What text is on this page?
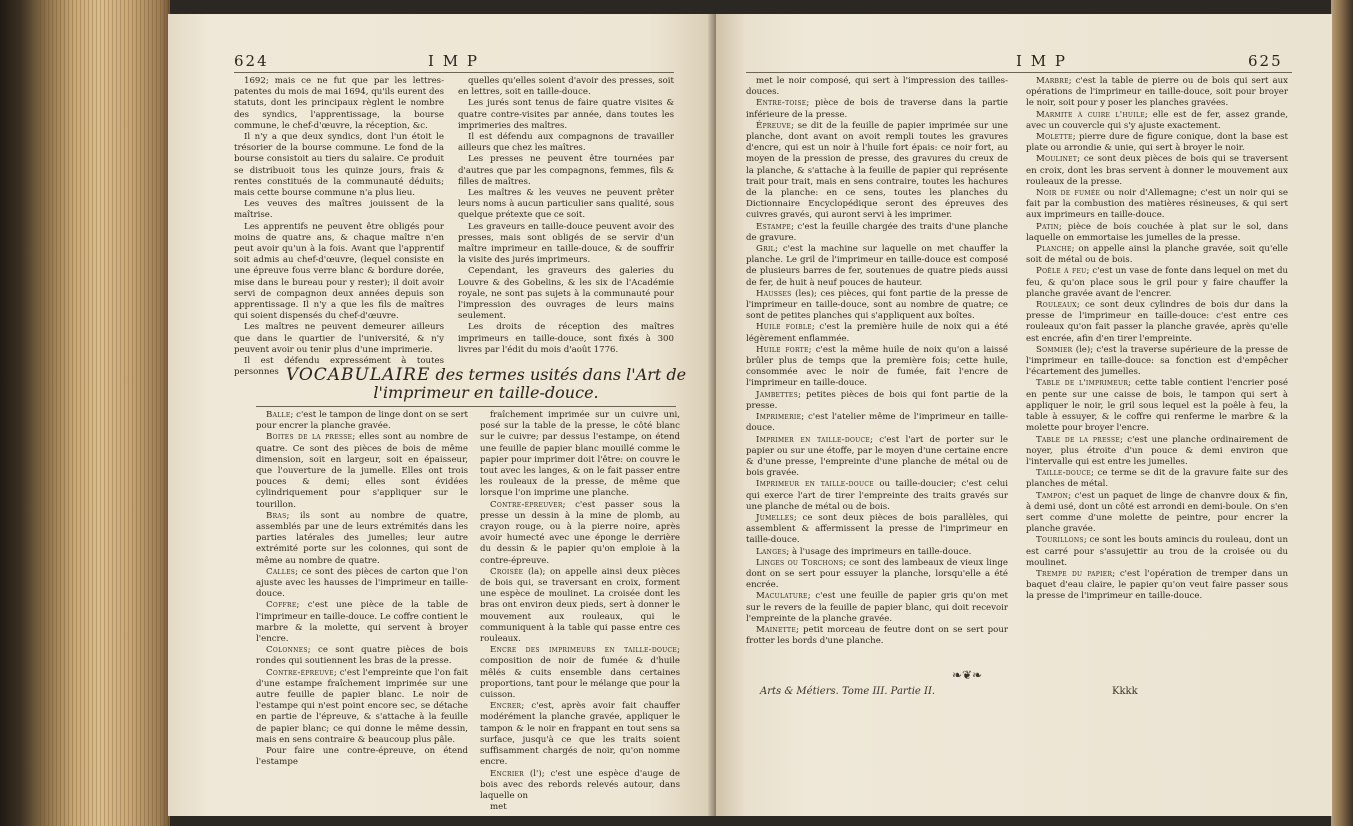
624	I M P

1692; mais ce ne fut que par les lettres-patentes du mois de mai 1694, qu'ils eurent des statuts, dont les principaux règlent le nombre des syndics, l'apprentissage, la bourse commune, le chef-d'œuvre, la réception, &c.

Il n'y a que deux syndics, dont l'un étoit le trésorier de la bourse commune. Le fond de la bourse consistoit au tiers du salaire. Ce produit se distribuoit tous les quinze jours, frais & rentes constitués de la communauté déduits; mais cette bourse commune n'a plus lieu.

Les veuves des maîtres jouissent de la maîtrise.

Les apprentifs ne peuvent être obligés pour moins de quatre ans, & chaque maître n'en peut avoir qu'un à la fois. Avant que l'apprentif soit admis au chef-d'œuvre, (lequel consiste en une épreuve fous verre blanc & bordure dorée, mise dans le bureau pour y rester); il doit avoir servi de compagnon deux années depuis son apprentissage. Il n'y a que les fils de maîtres qui soient dispensés du chef-d'œuvre.

Les maîtres ne peuvent demeurer ailleurs que dans le quartier de l'université, & n'y peuvent avoir ou tenir plus d'une imprimerie.

Il est défendu expressément à toutes personnes

quelles qu'elles soient d'avoir des presses, soit en lettres, soit en taille-douce.

Les jurés sont tenus de faire quatre visites & quatre contre-visites par année, dans toutes les imprimeries des maîtres.

Il est défendu aux compagnons de travailler ailleurs que chez les maîtres.

Les presses ne peuvent être tournées par d'autres que par les compagnons, femmes, fils & filles de maîtres.

Les maîtres & les veuves ne peuvent prêter leurs noms à aucun particulier sans qualité, sous quelque prétexte que ce soit.

Les graveurs en taille-douce peuvent avoir des presses, mais sont obligés de se servir d'un maître imprimeur en taille-douce, & de souffrir la visite des jurés imprimeurs.

Cependant, les graveurs des galeries du Louvre & des Gobelins, & les six de l'Académie royale, ne sont pas sujets à la communauté pour l'impression des ouvrages de leurs mains seulement.

Les droits de réception des maîtres imprimeurs en taille-douce, sont fixés à 300 livres par l'édit du mois d'août 1776.

VOCABULAIRE des termes usités dans l'Art de l'imprimeur en taille-douce.

Balle; c'est le tampon de linge dont on se sert pour encrer la planche gravée.

Boites de la presse; elles sont au nombre de quatre. Ce sont des pièces de bois de même dimension, soit en largeur, soit en épaisseur, que l'ouverture de la jumelle. Elles ont trois pouces & demi; elles sont évidées cylindriquement pour s'appliquer sur le tourillon.

Bras; ils sont au nombre de quatre, assemblés par une de leurs extrémités dans les parties latérales des jumelles; leur autre extrémité porte sur les colonnes, qui sont de même au nombre de quatre.

Calles; ce sont des pièces de carton que l'on ajuste avec les hausses de l'imprimeur en taille-douce.

Coffre; c'est une pièce de la table de l'imprimeur en taille-douce. Le coffre contient le marbre & la molette, qui servent à broyer l'encre.

Colonnes; ce sont quatre pièces de bois rondes qui soutiennent les bras de la presse.

Contre-épreuve; c'est l'empreinte que l'on fait d'une estampe fraîchement imprimée sur une autre feuille de papier blanc. Le noir de l'estampe qui n'est point encore sec, se détache en partie de l'épreuve, & s'attache à la feuille de papier blanc; ce qui donne le même dessin, mais en sens contraire & beaucoup plus pâle.

Pour faire une contre-épreuve, on étend l'estampe

fraîchement imprimée sur un cuivre uni, posé sur la table de la presse, le côté blanc sur le cuivre; par dessus l'estampe, on étend une feuille de papier blanc mouillé comme le papier pour imprimer doit l'être: on couvre le tout avec les langes, & on le fait passer entre les rouleaux de la presse, de même que lorsque l'on imprime une planche.

Contre-épreuver; c'est passer sous la presse un dessin à la mine de plomb, au crayon rouge, ou à la pierre noire, après avoir humecté avec une éponge le derrière du dessin & le papier qu'on emploie à la contre-épreuve.

Croisée (la); on appelle ainsi deux pièces de bois qui, se traversant en croix, forment une espèce de moulinet. La croisée dont les bras ont environ deux pieds, sert à donner le mouvement aux rouleaux, qui le communiquent à la table qui passe entre ces rouleaux.

Encre des imprimeurs en taille-douce; composition de noir de fumée & d'huile mêlés & cuits ensemble dans certaines proportions, tant pour le mélange que pour la cuisson.

Encrer; c'est, après avoir fait chauffer modérément la planche gravée, appliquer le tampon & le noir en frappant en tout sens sa surface, jusqu'à ce que les traits soient suffisamment chargés de noir, qu'on nomme encre.

Encrier (l'); c'est une espèce d'auge de bois avec des rebords relevés autour, dans laquelle on

met

I M P	625

met le noir composé, qui sert à l'impression des tailles-douces.

Entre-toise; pièce de bois de traverse dans la partie inférieure de la presse.

Épreuve; se dit de la feuille de papier imprimée sur une planche, dont avant on avoit rempli toutes les gravures d'encre, qui est un noir à l'huile fort épais: ce noir fort, au moyen de la pression de presse, des gravures du creux de la planche, & s'attache à la feuille de papier qui représente trait pour trait, mais en sens contraire, toutes les hachures de la planche: en ce sens, toutes les planches du Dictionnaire Encyclopédique seront des épreuves des cuivres gravés, qui auront servi à les imprimer.

Estampe; c'est la feuille chargée des traits d'une planche de gravure.

Gril; c'est la machine sur laquelle on met chauffer la planche. Le gril de l'imprimeur en taille-douce est composé de plusieurs barres de fer, soutenues de quatre pieds aussi de fer, de huit à neuf pouces de hauteur.

Hausses (les); ces pièces, qui font partie de la presse de l'imprimeur en taille-douce, sont au nombre de quatre; ce sont de petites planches qui s'appliquent aux boîtes.

Huile foible; c'est la première huile de noix qui a été légèrement enflammée.

Huile forte; c'est la même huile de noix qu'on a laissé brûler plus de temps que la première fois; cette huile, consommée avec le noir de fumée, fait l'encre de l'imprimeur en taille-douce.

Jambettes; petites pièces de bois qui font partie de la presse.

Imprimerie; c'est l'atelier même de l'imprimeur en taille-douce.

Imprimer en taille-douce; c'est l'art de porter sur le papier ou sur une étoffe, par le moyen d'une certaine encre & d'une presse, l'empreinte d'une planche de métal ou de bois gravée.

Imprimeur en taille-douce ou taille-doucier; c'est celui qui exerce l'art de tirer l'empreinte des traits gravés sur une planche de métal ou de bois.

Jumelles; ce sont deux pièces de bois parallèles, qui assemblent & affermissent la presse de l'imprimeur en taille-douce.

Langes; à l'usage des imprimeurs en taille-douce.

Linges ou Torchons; ce sont des lambeaux de vieux linge dont on se sert pour essuyer la planche, lorsqu'elle a été encrée.

Maculature; c'est une feuille de papier gris qu'on met sur le revers de la feuille de papier blanc, qui doit recevoir l'empreinte de la planche gravée.

Mainette; petit morceau de feutre dont on se sert pour frotter les bords d'une planche.

Marbre; c'est la table de pierre ou de bois qui sert aux opérations de l'imprimeur en taille-douce, soit pour broyer le noir, soit pour y poser les planches gravées.

Marmite à cuire l'huile; elle est de fer, assez grande, avec un couvercle qui s'y ajuste exactement.

Molette; pierre dure de figure conique, dont la base est plate ou arrondie & unie, qui sert à broyer le noir.

Moulinet; ce sont deux pièces de bois qui se traversent en croix, dont les bras servent à donner le mouvement aux rouleaux de la presse.

Noir de fumée ou noir d'Allemagne; c'est un noir qui se fait par la combustion des matières résineuses, & qui sert aux imprimeurs en taille-douce.

Patin; pièce de bois couchée à plat sur le sol, dans laquelle on emmortaise les jumelles de la presse.

Planche; on appelle ainsi la planche gravée, soit qu'elle soit de métal ou de bois.

Poêle à feu; c'est un vase de fonte dans lequel on met du feu, & qu'on place sous le gril pour y faire chauffer la planche gravée avant de l'encrer.

Rouleaux; ce sont deux cylindres de bois dur dans la presse de l'imprimeur en taille-douce: c'est entre ces rouleaux qu'on fait passer la planche gravée, après qu'elle est encrée, afin d'en tirer l'empreinte.

Sommier (le); c'est la traverse supérieure de la presse de l'imprimeur en taille-douce: sa fonction est d'empêcher l'écartement des jumelles.

Table de l'imprimeur; cette table contient l'encrier posé en pente sur une caisse de bois, le tampon qui sert à appliquer le noir, le gril sous lequel est la poêle à feu, la table à essuyer, & le coffre qui renferme le marbre & la molette pour broyer l'encre.

Table de la presse; c'est une planche ordinairement de noyer, plus étroite d'un pouce & demi environ que l'intervalle qui est entre les jumelles.

Taille-douce; ce terme se dit de la gravure faite sur des planches de métal.

Tampon; c'est un paquet de linge de chanvre doux & fin, à demi usé, dont un côté est arrondi en demi-boule. On s'en sert comme d'une molette de peintre, pour encrer la planche gravée.

Tourillons; ce sont les bouts amincis du rouleau, dont un est carré pour s'assujettir au trou de la croisée ou du moulinet.

Trempe du papier; c'est l'opération de tremper dans un baquet d'eau claire, le papier qu'on veut faire passer sous la presse de l'imprimeur en taille-douce.

❧❦❧
Arts & Métiers. Tome III. Partie II.	Kkkk
